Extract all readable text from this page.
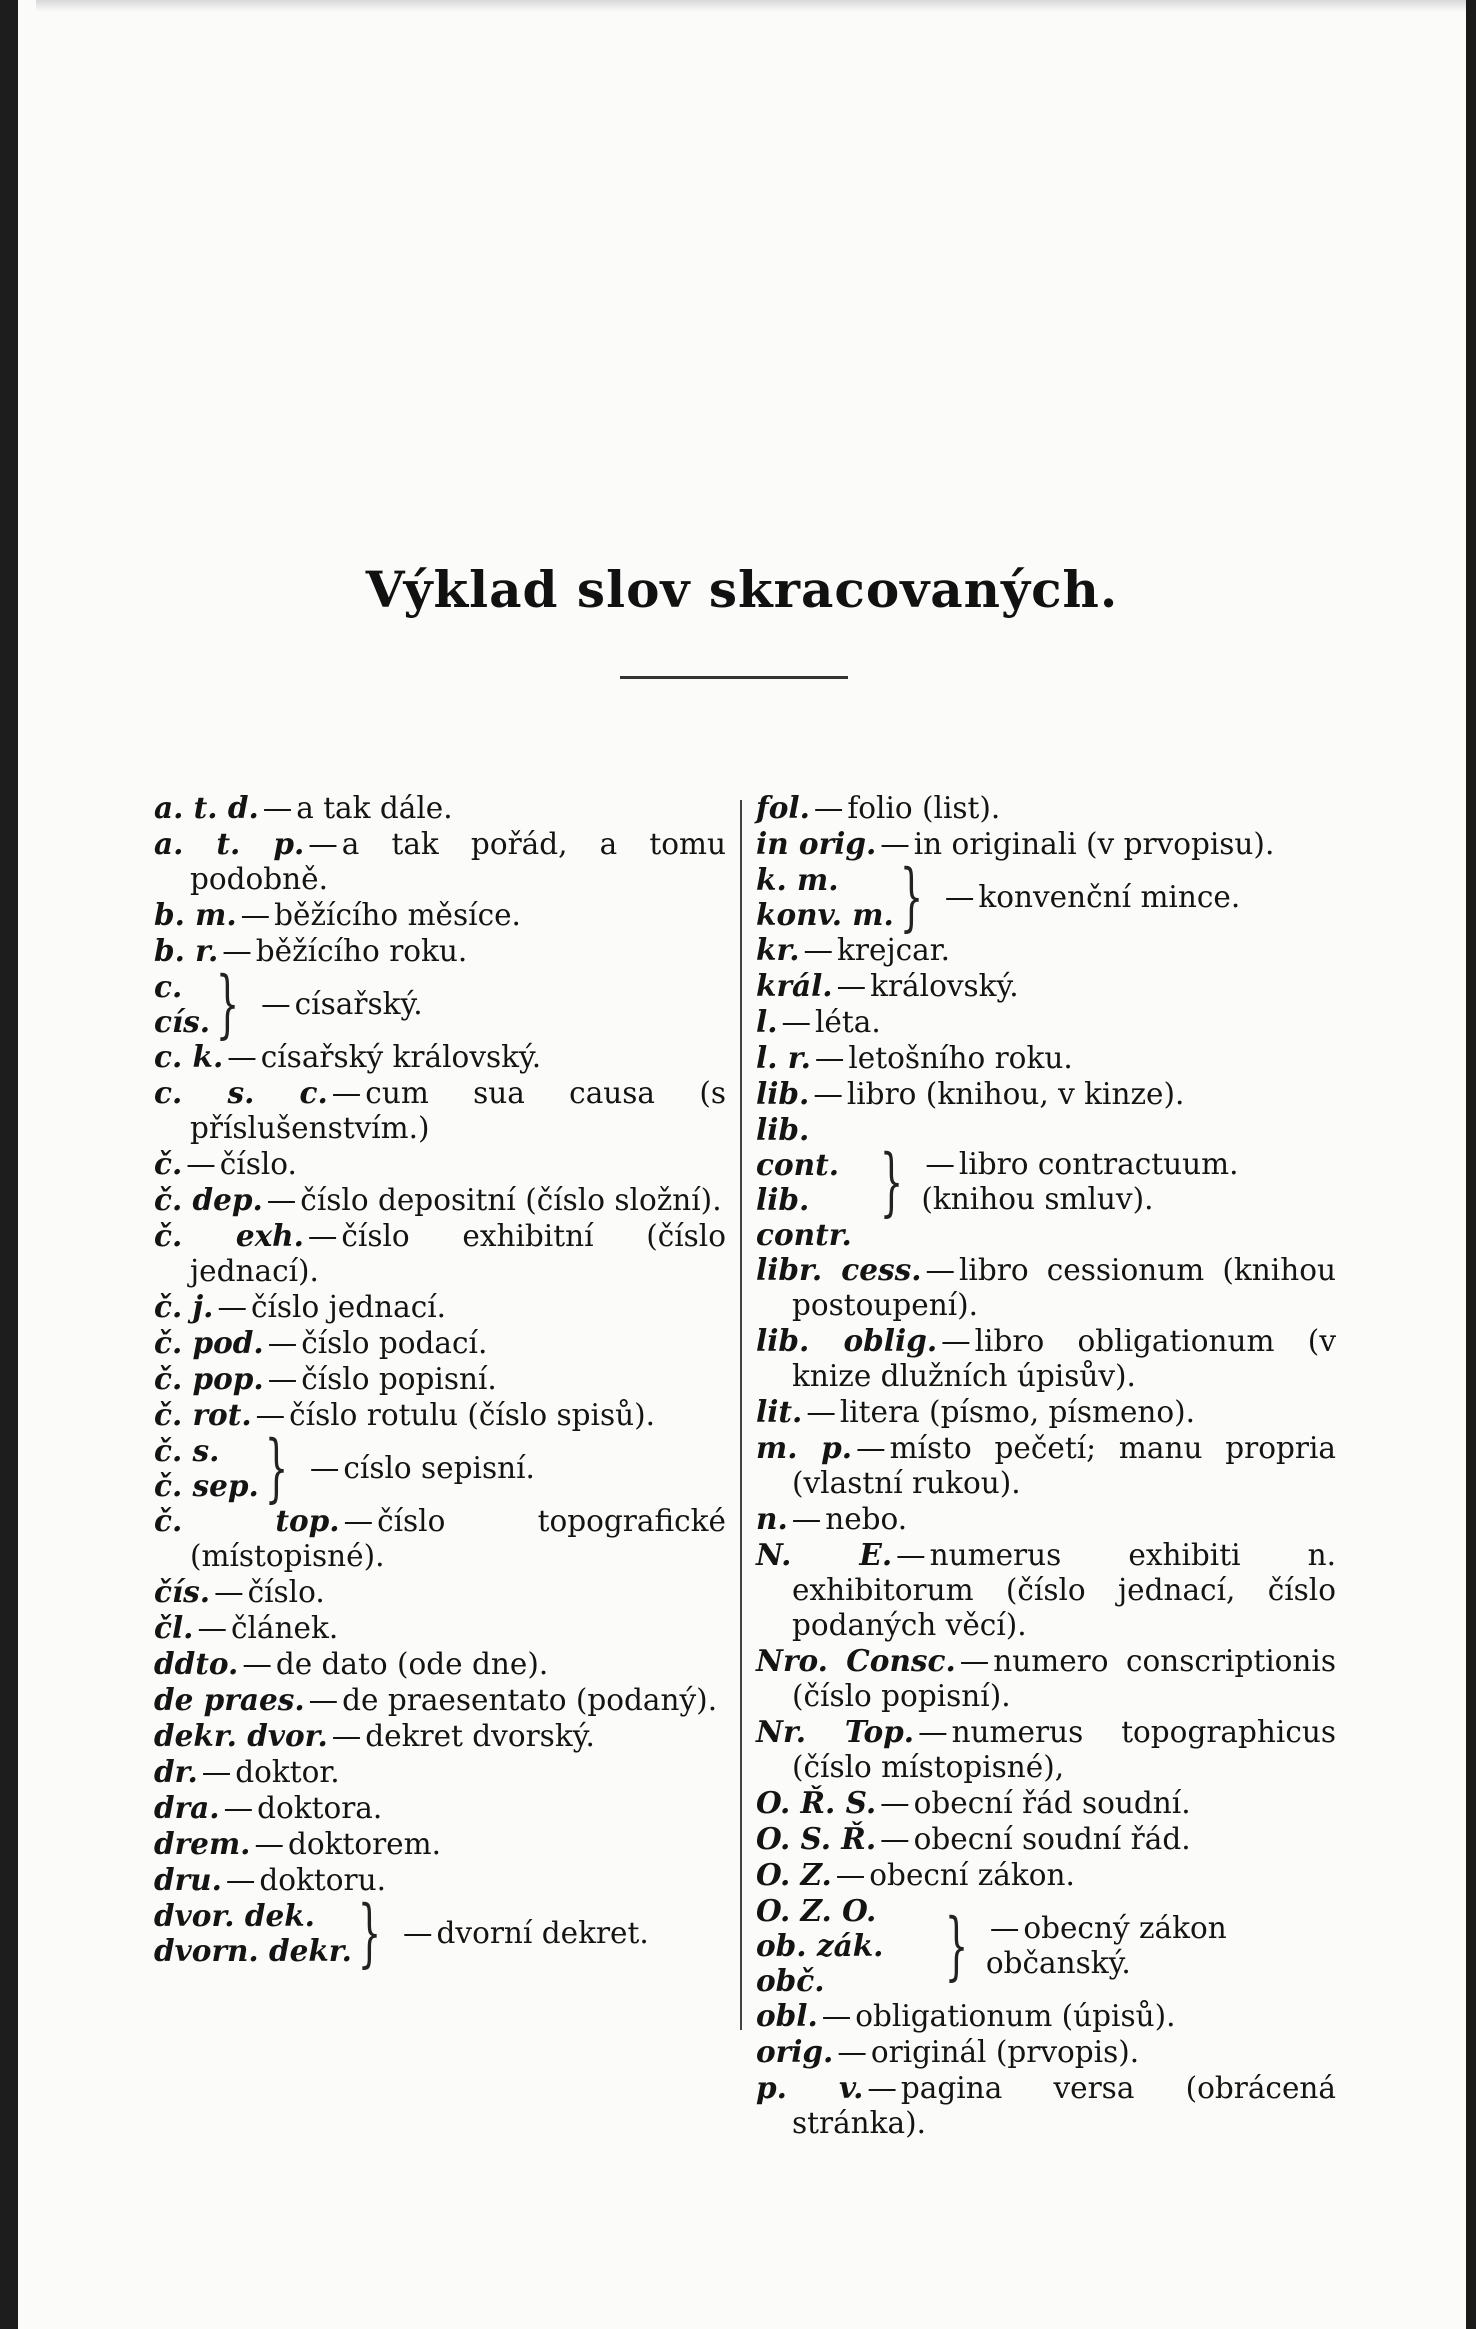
Výklad slov skracovaných.
a. t. d. — a tak dále.
a. t. p. — a tak pořád, a tomu podobně.
b. m. — běžícího měsíce.
b. r. — běžícího roku.
c.
cís. } — císařský.
c. k. — císařský královský.
c. s. c. — cum sua causa (s příslušenstvím.)
č. — číslo.
č. dep. — číslo depositní (číslo složní).
č. exh. — číslo exhibitní (číslo jednací).
č. j. — číslo jednací.
č. pod. — číslo podací.
č. pop. — číslo popisní.
č. rot. — číslo rotulu (číslo spisů).
č. s.
č. sep. } — císlo sepisní.
č. top. — číslo topografické (místopisné).
čís. — číslo.
čl. — článek.
ddto. — de dato (ode dne).
de praes. — de praesentato (podaný).
dekr. dvor. — dekret dvorský.
dr. — doktor.
dra. — doktora.
drem. — doktorem.
dru. — doktoru.
dvor. dek.
dvorn. dekr. } — dvorní dekret.
fol. — folio (list).
in orig. — in originali (v prvopisu).
k. m.
konv. m. } — konvenční mince.
kr. — krejcar.
král. — královský.
l. — léta.
l. r. — letošního roku.
lib. — libro (knihou, v kinze).
lib. cont.
lib. contr.
} — libro contractuum. (knihou smluv).
libr. cess. — libro cessionum (knihou postoupení).
lib. oblig. — libro obligationum (v knize dlužních úpisův).
lit. — litera (písmo, písmeno).
m. p. — místo pečetí; manu propria (vlastní rukou).
n. — nebo.
N. E. — numerus exhibiti n. exhibitorum (číslo jednací, číslo podaných věcí).
Nro. Consc. — numero conscriptionis (číslo popisní).
Nr. Top. — numerus topographicus (číslo místopisné),
O. Ř. S. — obecní řád soudní.
O. S. Ř. — obecní soudní řád.
O. Z. — obecní zákon.
O. Z. O.
ob. zák. obč.	} — obecný zákon občanský.
obl. — obligationum (úpisů).
orig. — originál (prvopis).
p. v. — pagina versa (obrácená stránka).
